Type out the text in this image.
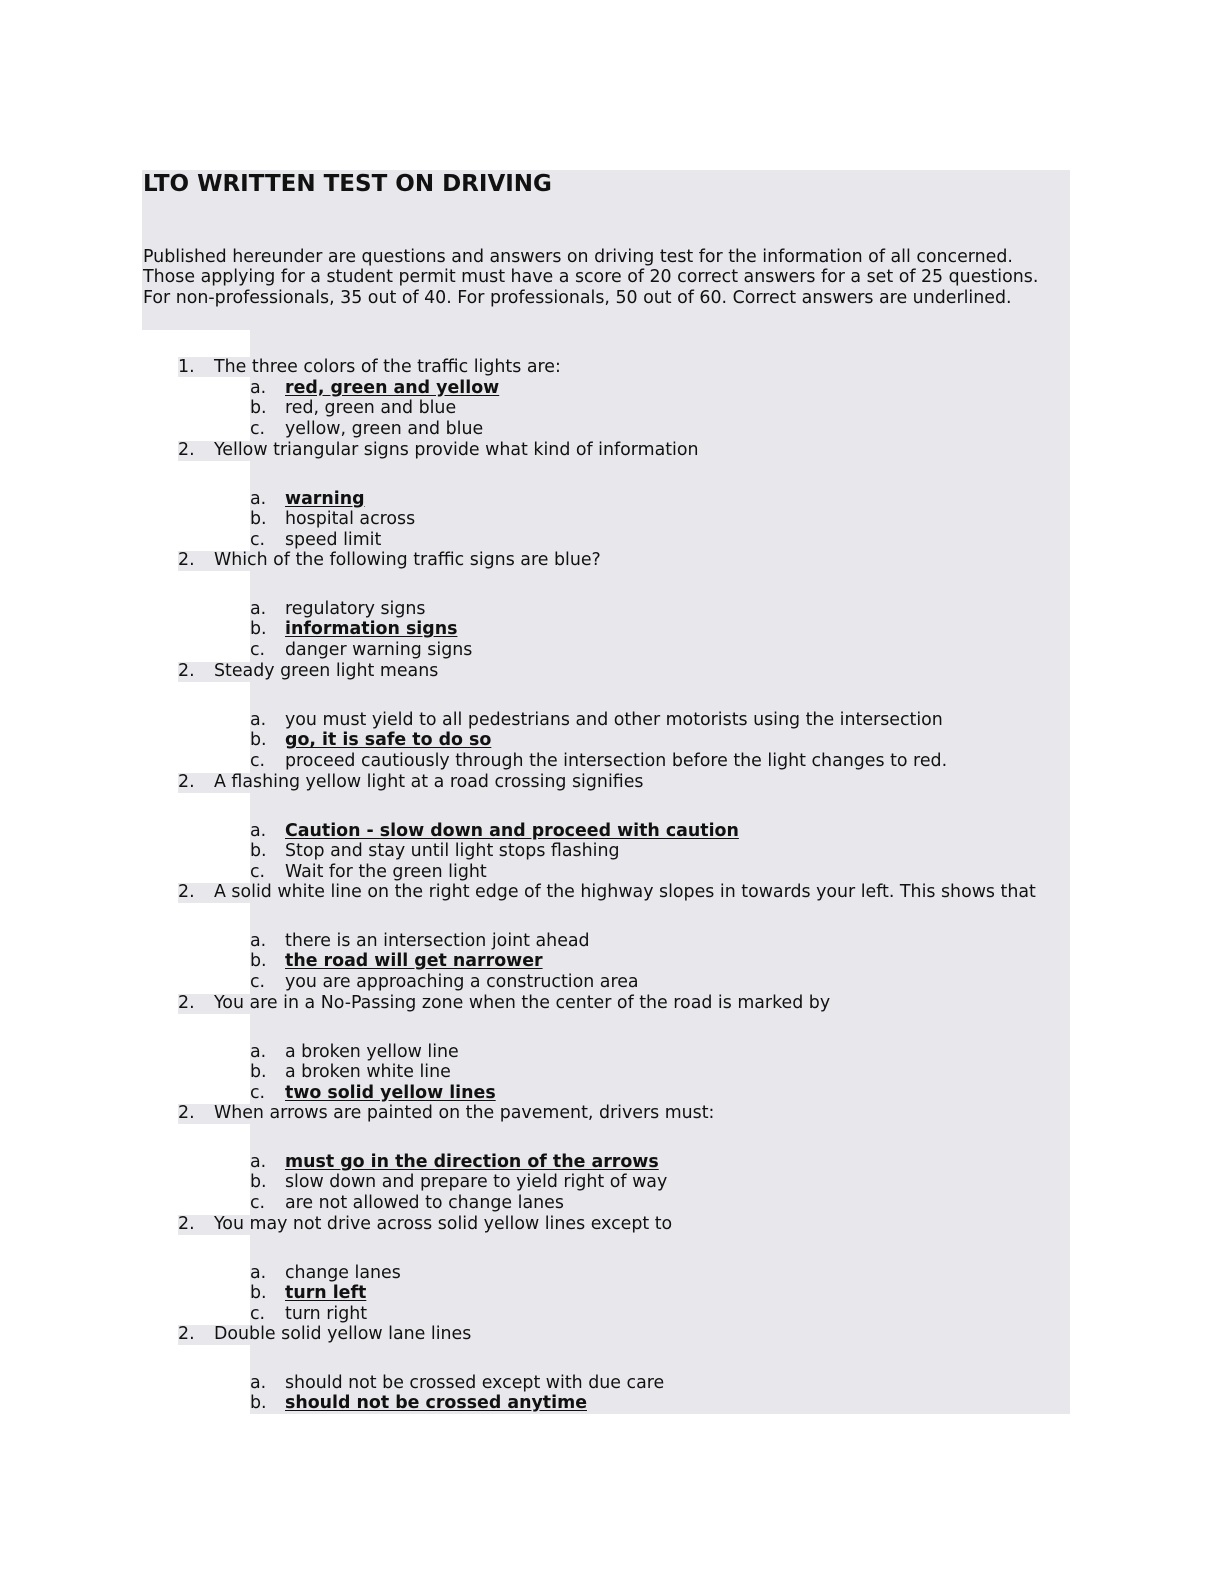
LTO WRITTEN TEST ON DRIVING
Published hereunder are questions and answers on driving test for the information of all concerned.
Those applying for a student permit must have a score of 20 correct answers for a set of 25 questions.
For non-professionals, 35 out of 40. For professionals, 50 out of 60. Correct answers are underlined.
1. The three colors of the traffic lights are:
a. red, green and yellow
b. red, green and blue
c. yellow, green and blue
2. Yellow triangular signs provide what kind of information
a. warning
b. hospital across
c. speed limit
2. Which of the following traffic signs are blue?
a. regulatory signs
b. information signs
c. danger warning signs
2. Steady green light means
a. you must yield to all pedestrians and other motorists using the intersection
b. go, it is safe to do so
c. proceed cautiously through the intersection before the light changes to red.
2. A flashing yellow light at a road crossing signifies
a. Caution - slow down and proceed with caution
b. Stop and stay until light stops flashing
c. Wait for the green light
2. A solid white line on the right edge of the highway slopes in towards your left. This shows that
a. there is an intersection joint ahead
b. the road will get narrower
c. you are approaching a construction area
2. You are in a No-Passing zone when the center of the road is marked by
a. a broken yellow line
b. a broken white line
c. two solid yellow lines
2. When arrows are painted on the pavement, drivers must:
a. must go in the direction of the arrows
b. slow down and prepare to yield right of way
c. are not allowed to change lanes
2. You may not drive across solid yellow lines except to
a. change lanes
b. turn left
c. turn right
2. Double solid yellow lane lines
a. should not be crossed except with due care
b. should not be crossed anytime
